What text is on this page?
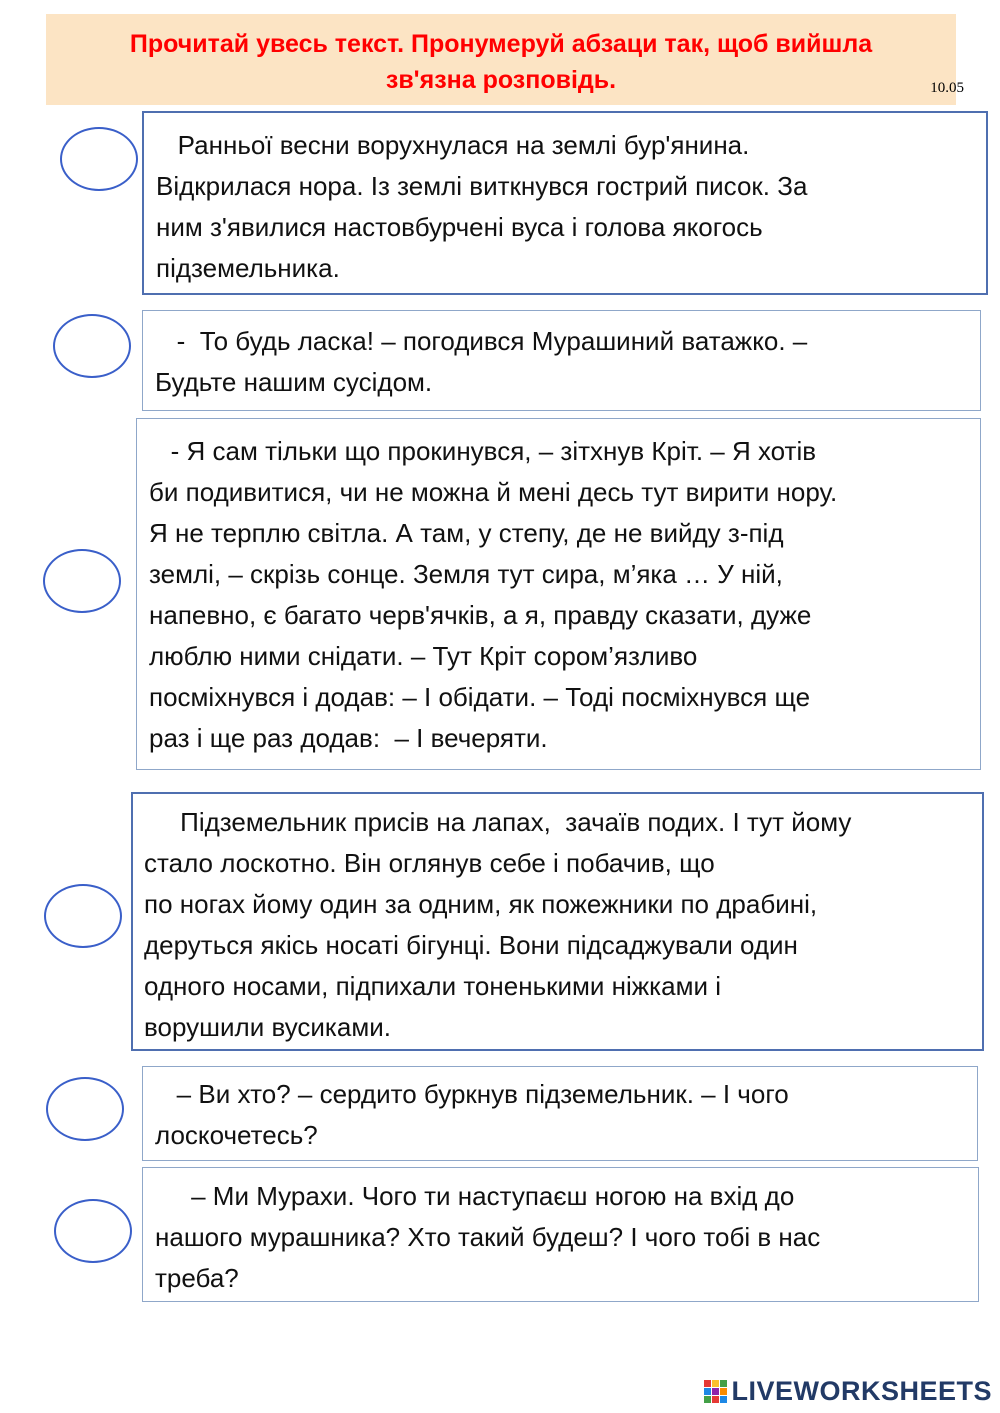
Прочитай увесь текст. Пронумеруй абзаци так, щоб вийшла
зв'язна розповідь.	10.05

Ранньої весни ворухнулася на землі бур'янина.
Відкрилася нора. Із землі виткнувся гострий писок. За
ним з'явилися настовбурчені вуса і голова якогось
підземельника.

-  То будь ласка! – погодився Мурашиний ватажко. –
Будьте нашим сусідом.

- Я сам тільки що прокинувся, – зітхнув Кріт. – Я хотів
би подивитися, чи не можна й мені десь тут вирити нору.
Я не терплю світла. А там, у степу, де не вийду з-під
землі, – скрізь сонце. Земля тут сира, м’яка … У ній,
напевно, є багато черв'ячків, а я, правду сказати, дуже
люблю ними снідати. – Тут Кріт сором’язливо
посміхнувся і додав: – І обідати. – Тоді посміхнувся ще
раз і ще раз додав:  – І вечеряти.

Підземельник присів на лапах,  зачаїв подих. І тут йому
стало лоскотно. Він оглянув себе і побачив, що
по ногах йому один за одним, як пожежники по драбині,
деруться якісь носаті бігунці. Вони підсаджували один
одного носами, підпихали тоненькими ніжками і
ворушили вусиками.

– Ви хто? – сердито буркнув підземельник. – І чого
лоскочетесь?

– Ми Мурахи. Чого ти наступаєш ногою на вхід до
нашого мурашника? Хто такий будеш? І чого тобі в нас
треба?

LIVEWORKSHEETS
